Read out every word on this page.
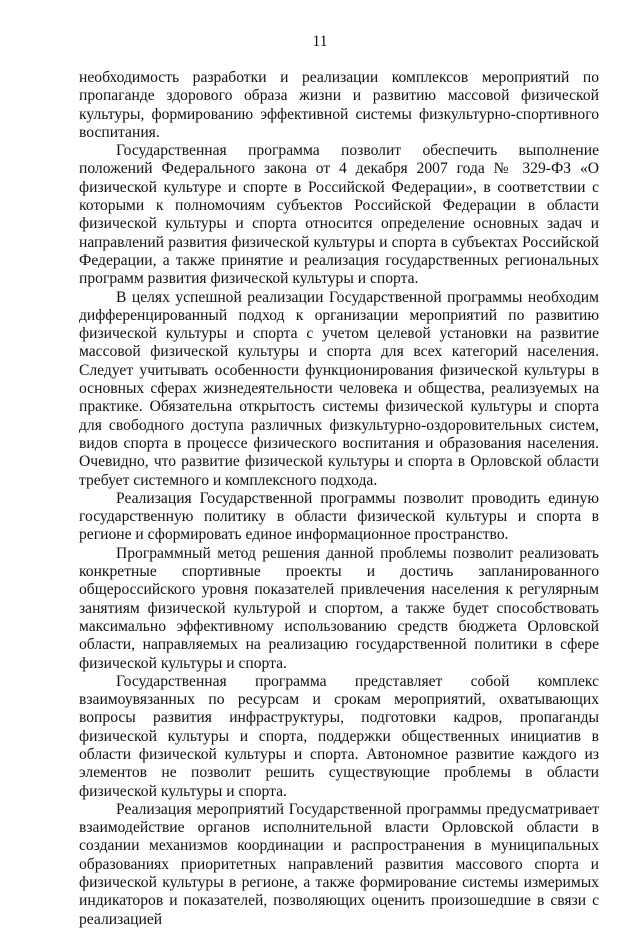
11

необходимость разработки и реализации комплексов мероприятий по пропаганде здорового образа жизни и развитию массовой физической культуры, формированию эффективной системы физкультурно-спортивного воспитания.

Государственная программа позволит обеспечить выполнение положений Федерального закона от 4 декабря 2007 года № 329-ФЗ «О физической культуре и спорте в Российской Федерации», в соответствии с которыми к полномочиям субъектов Российской Федерации в области физической культуры и спорта относится определение основных задач и направлений развития физической культуры и спорта в субъектах Российской Федерации, а также принятие и реализация государственных региональных программ развития физической культуры и спорта.

В целях успешной реализации Государственной программы необходим дифференцированный подход к организации мероприятий по развитию физической культуры и спорта с учетом целевой установки на развитие массовой физической культуры и спорта для всех категорий населения. Следует учитывать особенности функционирования физической культуры в основных сферах жизнедеятельности человека и общества, реализуемых на практике. Обязательна открытость системы физической культуры и спорта для свободного доступа различных физкультурно-оздоровительных систем, видов спорта в процессе физического воспитания и образования населения. Очевидно, что развитие физической культуры и спорта в Орловской области требует системного и комплексного подхода.

Реализация Государственной программы позволит проводить единую государственную политику в области физической культуры и спорта в регионе и сформировать единое информационное пространство.

Программный метод решения данной проблемы позволит реализовать конкретные спортивные проекты и достичь запланированного общероссийского уровня показателей привлечения населения к регулярным занятиям физической культурой и спортом, а также будет способствовать максимально эффективному использованию средств бюджета Орловской области, направляемых на реализацию государственной политики в сфере физической культуры и спорта.

Государственная программа представляет собой комплекс взаимоувязанных по ресурсам и срокам мероприятий, охватывающих вопросы развития инфраструктуры, подготовки кадров, пропаганды физической культуры и спорта, поддержки общественных инициатив в области физической культуры и спорта. Автономное развитие каждого из элементов не позволит решить существующие проблемы в области физической культуры и спорта.

Реализация мероприятий Государственной программы предусматривает взаимодействие органов исполнительной власти Орловской области в создании механизмов координации и распространения в муниципальных образованиях приоритетных направлений развития массового спорта и физической культуры в регионе, а также формирование системы измеримых индикаторов и показателей, позволяющих оценить произошедшие в связи с реализацией
